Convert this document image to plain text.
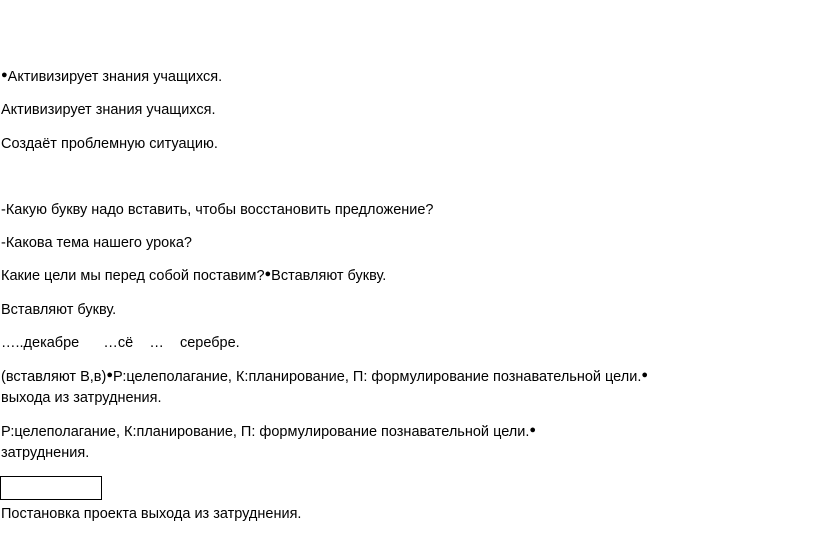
●Активизирует знания учащихся.
Активизирует знания учащихся.
Создаёт проблемную ситуацию.
-Какую букву надо вставить, чтобы восстановить предложение?
-Какова тема нашего урока?
Какие цели мы перед собой поставим?●Вставляют букву.
Вставляют букву.
…..декабре      …сё    …    серебре.
(вставляют В,в)●Р:целеполагание, К:планирование, П: формулирование познавательной цели.●
выхода из затруднения.
Р:целеполагание, К:планирование, П: формулирование познавательной цели.●
затруднения.
Постановка проекта выхода из затруднения.
